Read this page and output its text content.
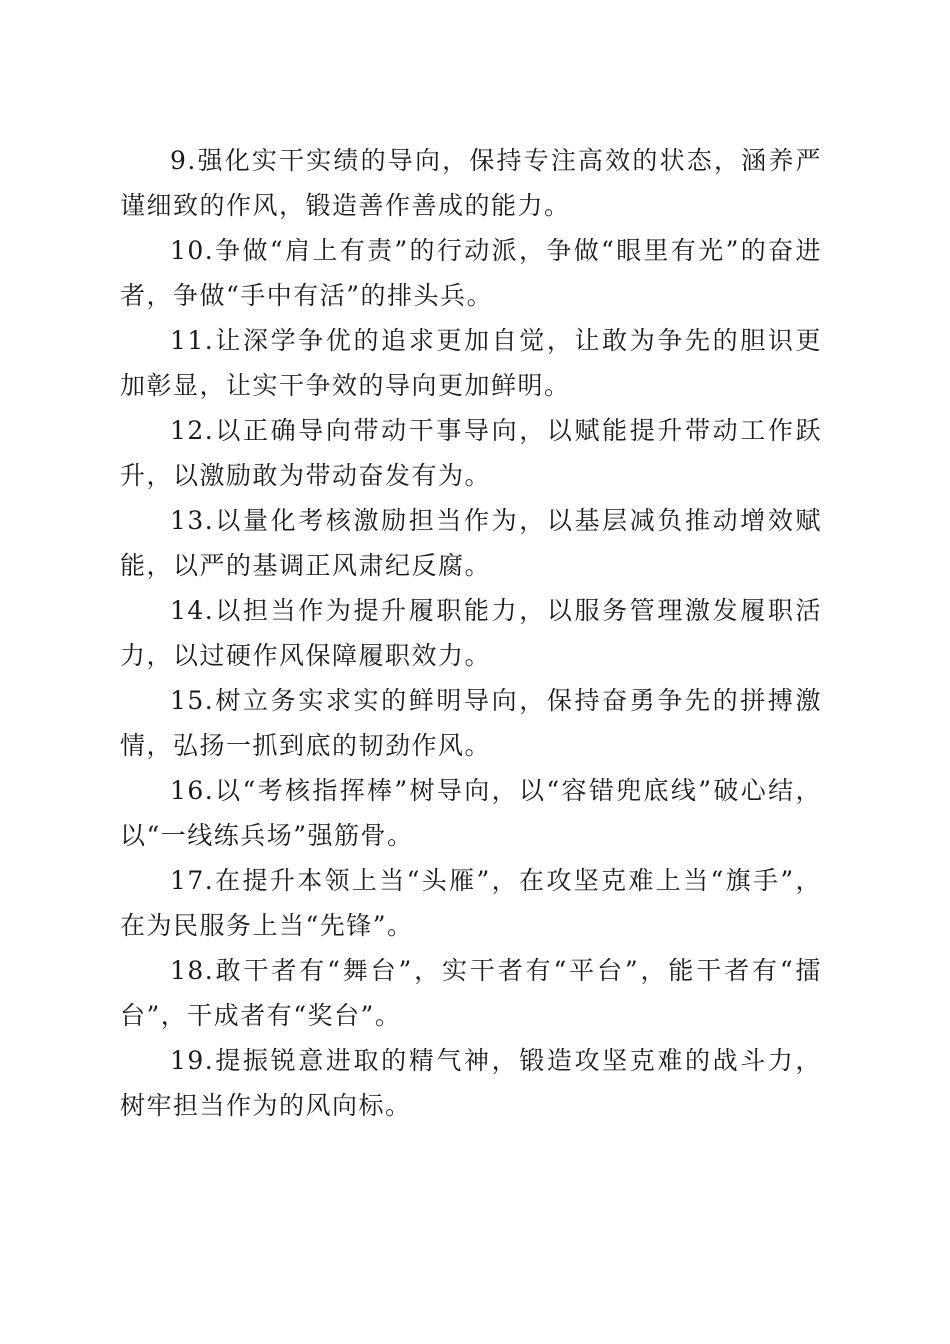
9.强化实干实绩的导向，保持专注高效的状态，涵养严谨细致的作风，锻造善作善成的能力。

10.争做“肩上有责”的行动派，争做“眼里有光”的奋进者，争做“手中有活”的排头兵。

11.让深学争优的追求更加自觉，让敢为争先的胆识更加彰显，让实干争效的导向更加鲜明。

12.以正确导向带动干事导向，以赋能提升带动工作跃升，以激励敢为带动奋发有为。

13.以量化考核激励担当作为，以基层减负推动增效赋能，以严的基调正风肃纪反腐。

14.以担当作为提升履职能力，以服务管理激发履职活力，以过硬作风保障履职效力。

15.树立务实求实的鲜明导向，保持奋勇争先的拼搏激情，弘扬一抓到底的韧劲作风。

16.以“考核指挥棒”树导向，以“容错兜底线”破心结，以“一线练兵场”强筋骨。

17.在提升本领上当“头雁”，在攻坚克难上当“旗手”，在为民服务上当“先锋”。

18.敢干者有“舞台”，实干者有“平台”，能干者有“擂台”，干成者有“奖台”。

19.提振锐意进取的精气神，锻造攻坚克难的战斗力，树牢担当作为的风向标。
